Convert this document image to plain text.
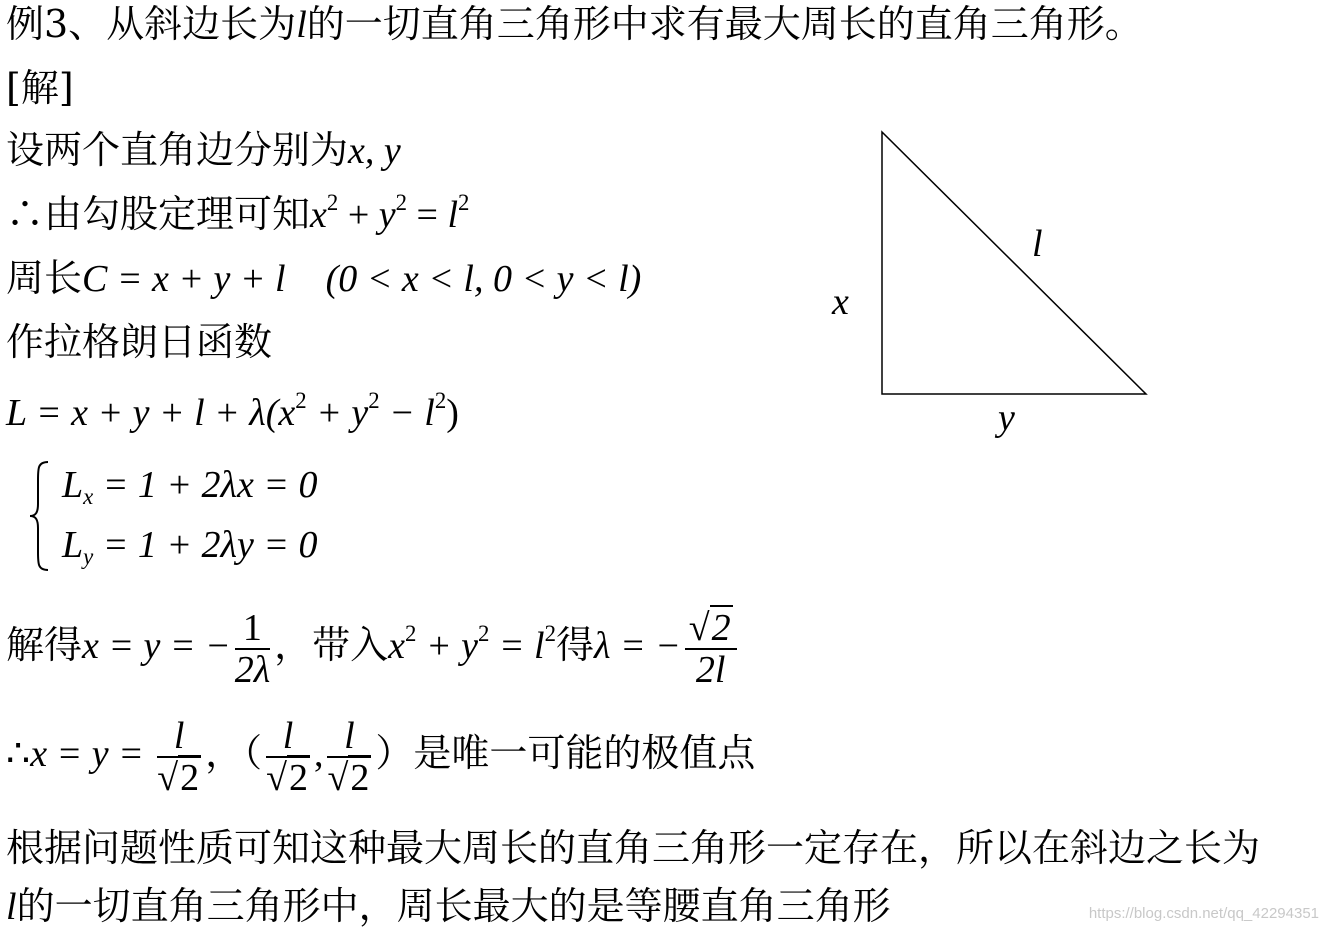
例3、从斜边长为l的一切直角三角形中求有最大周长的直角三角形。
[解]
设两个直角边分别为x, y
∴由勾股定理可知$x^2 + y^2 = l^2$
周长C = x + y + l (0 < x < l, 0 < y < l)
作拉格朗日函数
$L = x + y + l + \lambda(x^2 + y^2 - l^2)$
$L_x = 1 + 2\lambda x = 0$
$L_y = 1 + 2\lambda y = 0$
解得x = y = − $\frac{1}{2\lambda}$ ，带入$x^2 + y^2 = l^2$得λ = − $\frac{√2}{2l}$
∴x = $y = \frac{l}{√2}$ ，（ $\frac{l}{√2}$ , $\frac{l}{√2}$ ）是唯一可能的极值点
根据问题性质可知这种最大周长的直角三角形一定存在，所以在斜边之长为
l的一切直角三角形中，周长最大的是等腰直角三角形
x
y
l
https://blog.csdn.net/qq_42294351
